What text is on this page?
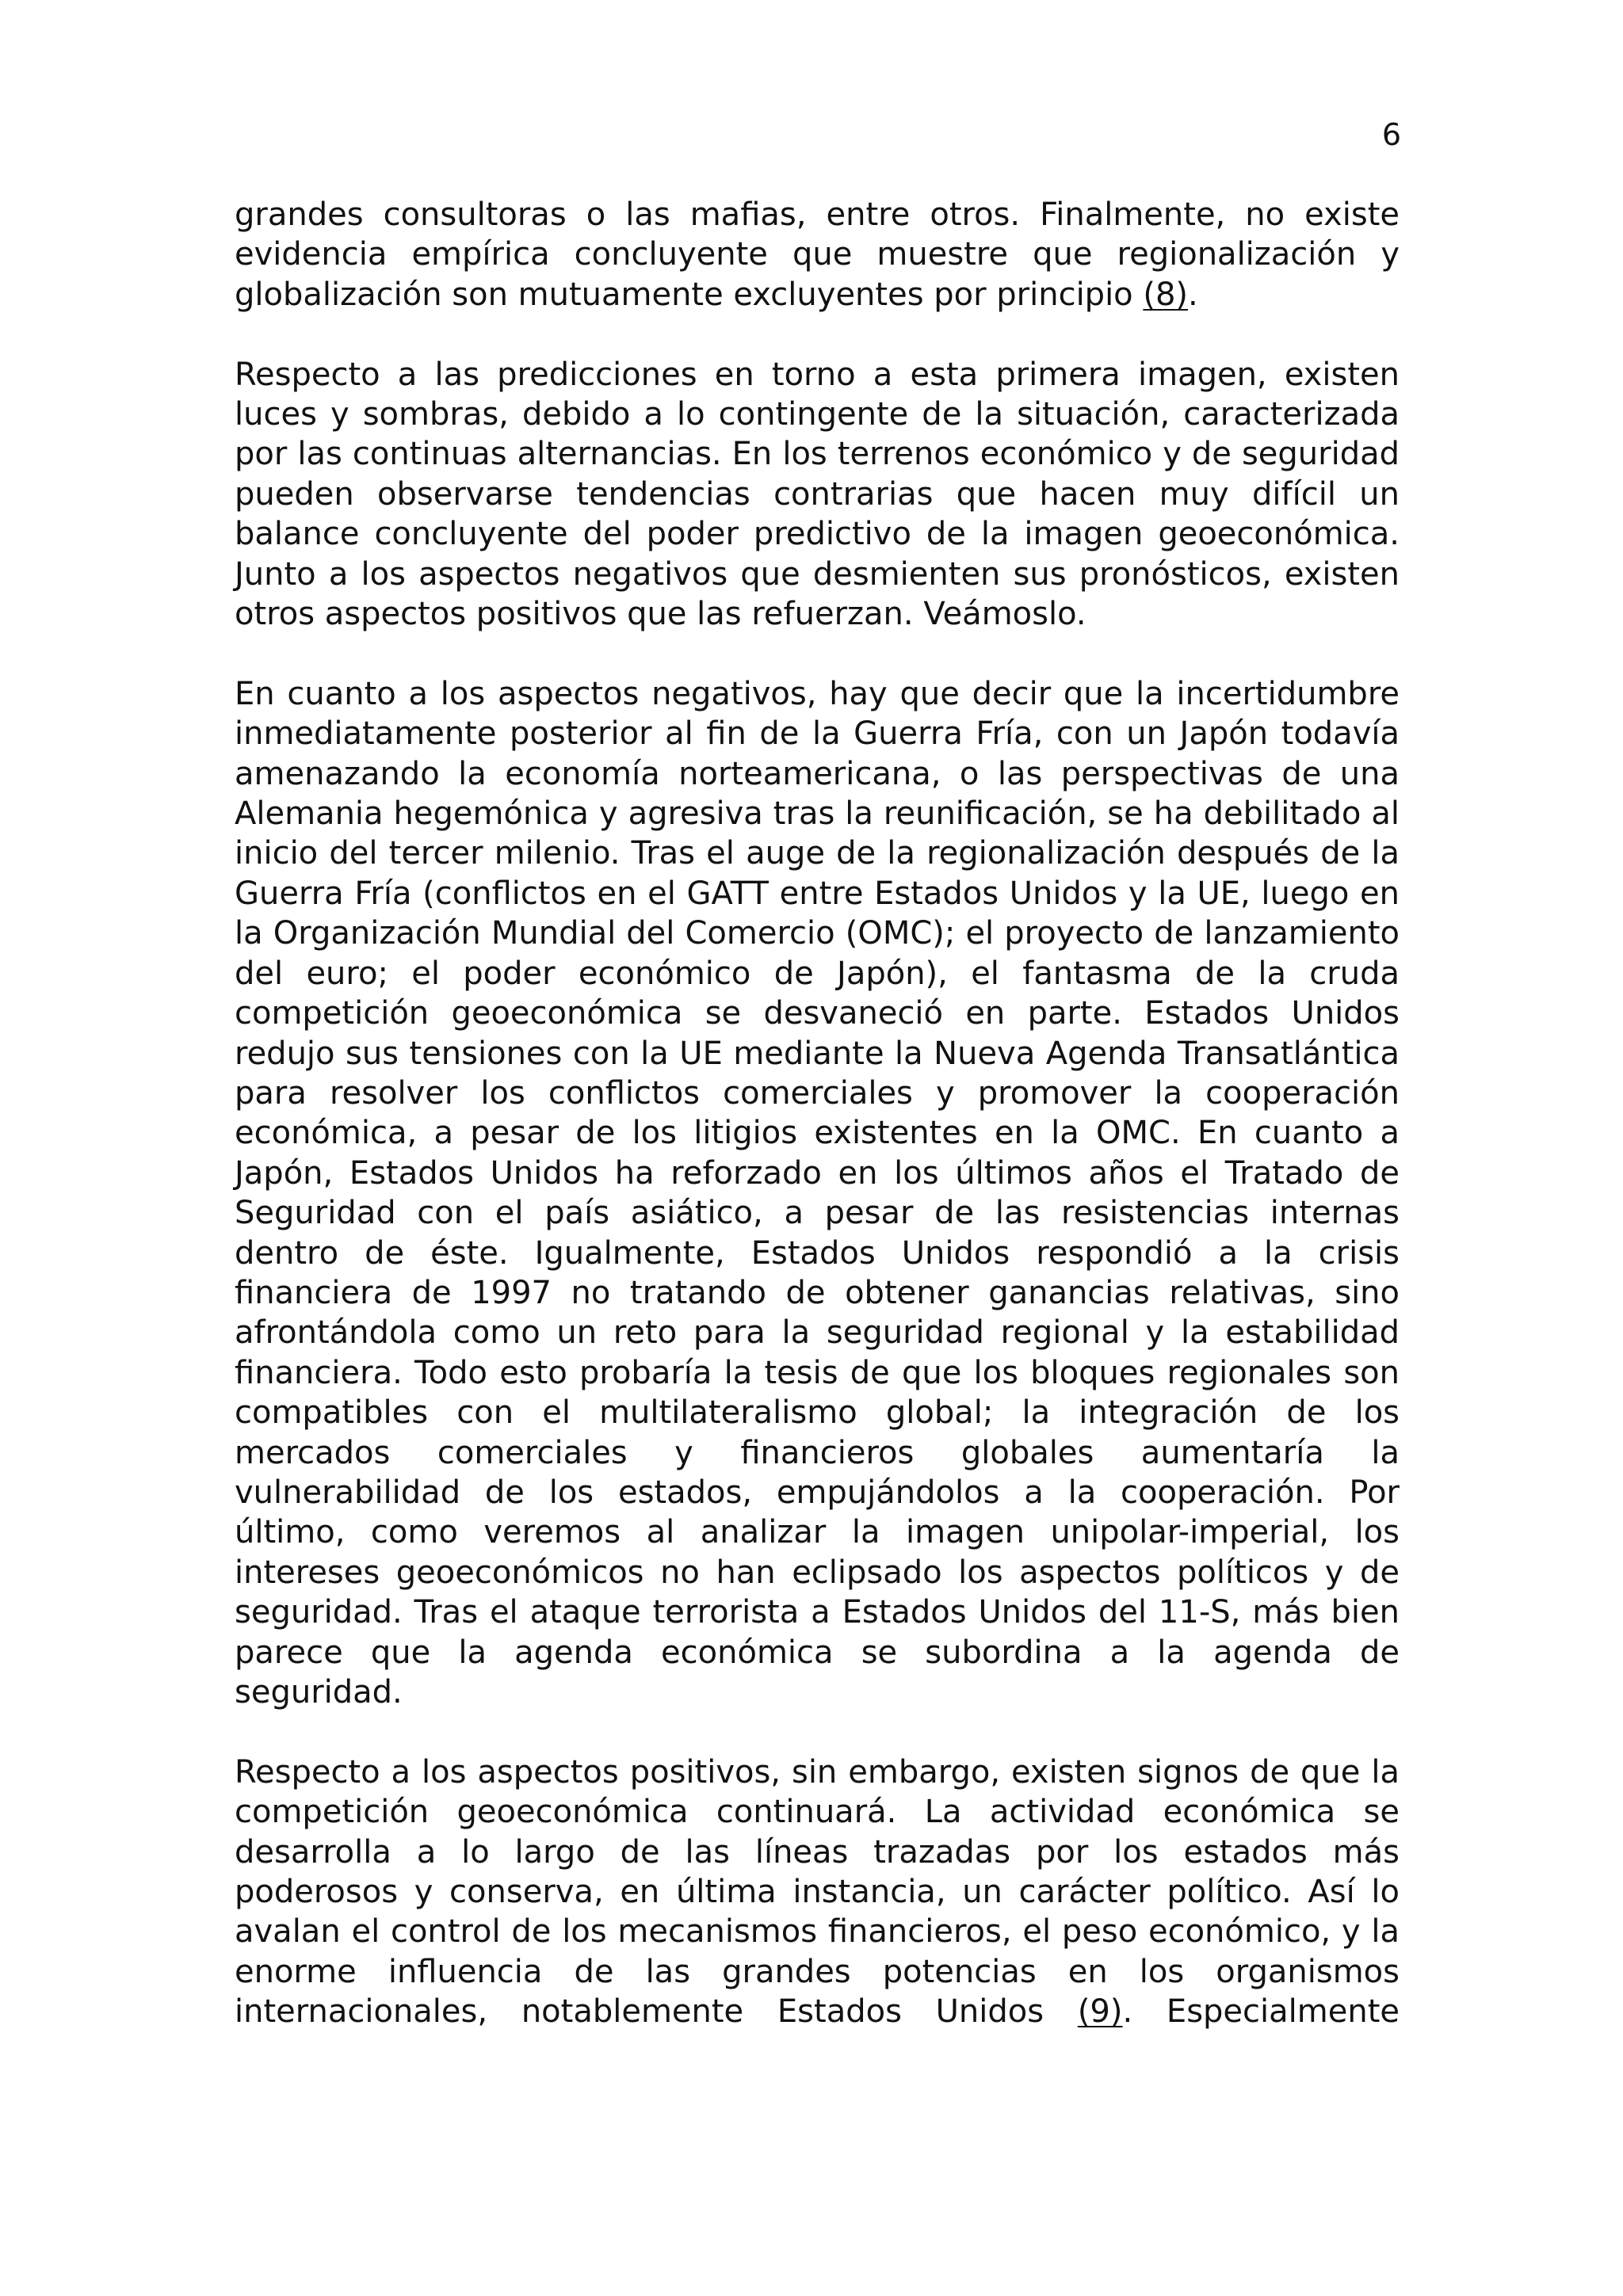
6

grandes consultoras o las mafias, entre otros. Finalmente, no existe evidencia empírica concluyente que muestre que regionalización y globalización son mutuamente excluyentes por principio (8).

Respecto a las predicciones en torno a esta primera imagen, existen luces y sombras, debido a lo contingente de la situación, caracterizada por las continuas alternancias. En los terrenos económico y de seguridad pueden observarse tendencias contrarias que hacen muy difícil un balance concluyente del poder predictivo de la imagen geoeconómica. Junto a los aspectos negativos que desmienten sus pronósticos, existen otros aspectos positivos que las refuerzan. Veámoslo.

En cuanto a los aspectos negativos, hay que decir que la incertidumbre inmediatamente posterior al fin de la Guerra Fría, con un Japón todavía amenazando la economía norteamericana, o las perspectivas de una Alemania hegemónica y agresiva tras la reunificación, se ha debilitado al inicio del tercer milenio. Tras el auge de la regionalización después de la Guerra Fría (conflictos en el GATT entre Estados Unidos y la UE, luego en la Organización Mundial del Comercio (OMC); el proyecto de lanzamiento del euro; el poder económico de Japón), el fantasma de la cruda competición geoeconómica se desvaneció en parte. Estados Unidos redujo sus tensiones con la UE mediante la Nueva Agenda Transatlántica para resolver los conflictos comerciales y promover la cooperación económica, a pesar de los litigios existentes en la OMC. En cuanto a Japón, Estados Unidos ha reforzado en los últimos años el Tratado de Seguridad con el país asiático, a pesar de las resistencias internas dentro de éste. Igualmente, Estados Unidos respondió a la crisis financiera de 1997 no tratando de obtener ganancias relativas, sino afrontándola como un reto para la seguridad regional y la estabilidad financiera. Todo esto probaría la tesis de que los bloques regionales son compatibles con el multilateralismo global; la integración de los mercados comerciales y financieros globales aumentaría la vulnerabilidad de los estados, empujándolos a la cooperación. Por último, como veremos al analizar la imagen unipolar-imperial, los intereses geoeconómicos no han eclipsado los aspectos políticos y de seguridad. Tras el ataque terrorista a Estados Unidos del 11-S, más bien parece que la agenda económica se subordina a la agenda de seguridad.

Respecto a los aspectos positivos, sin embargo, existen signos de que la competición geoeconómica continuará. La actividad económica se desarrolla a lo largo de las líneas trazadas por los estados más poderosos y conserva, en última instancia, un carácter político. Así lo avalan el control de los mecanismos financieros, el peso económico, y la enorme influencia de las grandes potencias en los organismos internacionales, notablemente Estados Unidos (9). Especialmente
